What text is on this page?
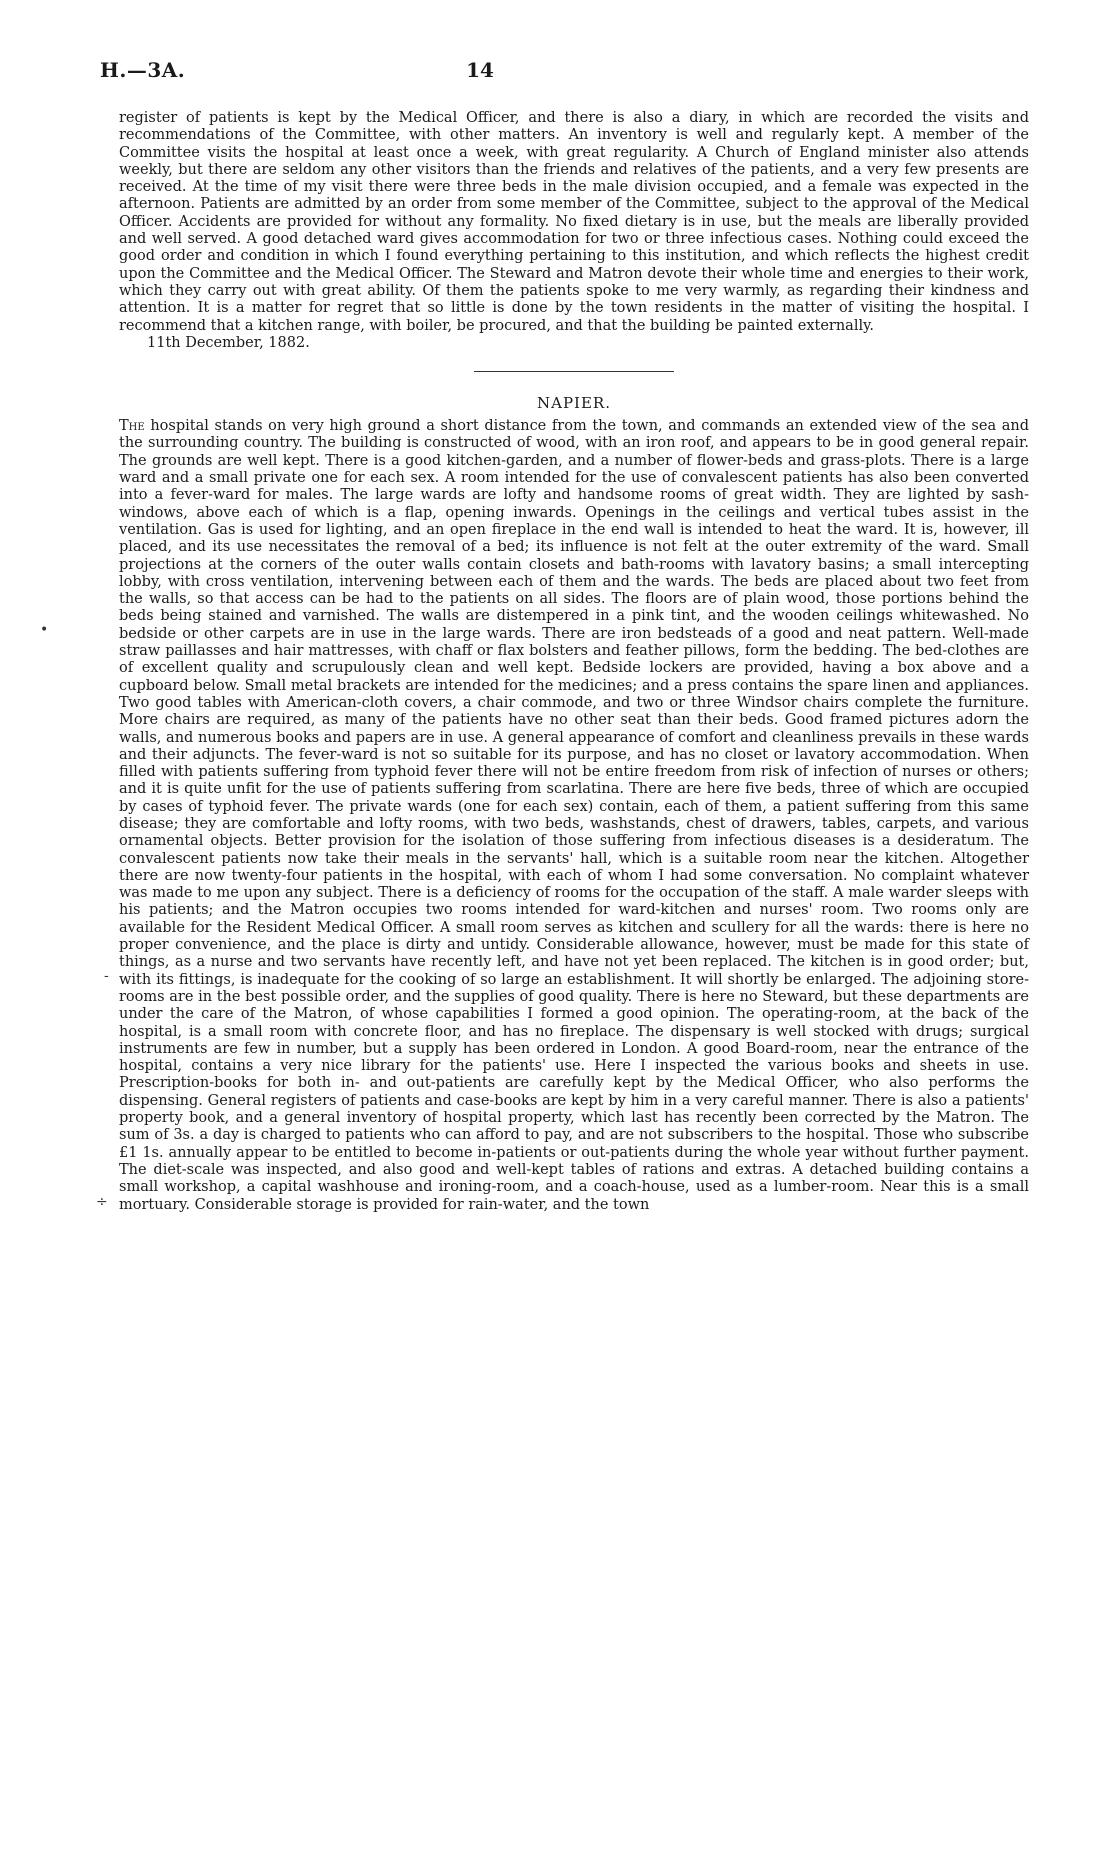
H.—3A.	14
•
-
÷

register of patients is kept by the Medical Officer, and there is also a diary, in which are recorded the visits and recommendations of the Committee, with other matters. An inventory is well and regularly kept. A member of the Committee visits the hospital at least once a week, with great regularity. A Church of England minister also attends weekly, but there are seldom any other visitors than the friends and relatives of the patients, and a very few presents are received. At the time of my visit there were three beds in the male division occupied, and a female was expected in the afternoon. Patients are admitted by an order from some member of the Committee, subject to the approval of the Medical Officer. Accidents are provided for without any formality. No fixed dietary is in use, but the meals are liberally provided and well served. A good detached ward gives accommodation for two or three infectious cases. Nothing could exceed the good order and condition in which I found everything pertaining to this institution, and which reflects the highest credit upon the Committee and the Medical Officer. The Steward and Matron devote their whole time and energies to their work, which they carry out with great ability. Of them the patients spoke to me very warmly, as regarding their kindness and attention. It is a matter for regret that so little is done by the town residents in the matter of visiting the hospital. I recommend that a kitchen range, with boiler, be procured, and that the building be painted externally.

11th December, 1882.

NAPIER.

The hospital stands on very high ground a short distance from the town, and commands an extended view of the sea and the surrounding country. The building is constructed of wood, with an iron roof, and appears to be in good general repair. The grounds are well kept. There is a good kitchen-garden, and a number of flower-beds and grass-plots. There is a large ward and a small private one for each sex. A room intended for the use of convalescent patients has also been converted into a fever-ward for males. The large wards are lofty and handsome rooms of great width. They are lighted by sash-windows, above each of which is a flap, opening inwards. Openings in the ceilings and vertical tubes assist in the ventilation. Gas is used for lighting, and an open fireplace in the end wall is intended to heat the ward. It is, however, ill placed, and its use necessitates the removal of a bed; its influence is not felt at the outer extremity of the ward. Small projections at the corners of the outer walls contain closets and bath-rooms with lavatory basins; a small intercepting lobby, with cross ventilation, intervening between each of them and the wards. The beds are placed about two feet from the walls, so that access can be had to the patients on all sides. The floors are of plain wood, those portions behind the beds being stained and varnished. The walls are distempered in a pink tint, and the wooden ceilings whitewashed. No bedside or other carpets are in use in the large wards. There are iron bedsteads of a good and neat pattern. Well-made straw paillasses and hair mattresses, with chaff or flax bolsters and feather pillows, form the bedding. The bed-clothes are of excellent quality and scrupulously clean and well kept. Bedside lockers are provided, having a box above and a cupboard below. Small metal brackets are intended for the medicines; and a press contains the spare linen and appliances. Two good tables with American-cloth covers, a chair commode, and two or three Windsor chairs complete the furniture. More chairs are required, as many of the patients have no other seat than their beds. Good framed pictures adorn the walls, and numerous books and papers are in use. A general appearance of comfort and cleanliness prevails in these wards and their adjuncts. The fever-ward is not so suitable for its purpose, and has no closet or lavatory accommodation. When filled with patients suffering from typhoid fever there will not be entire freedom from risk of infection of nurses or others; and it is quite unfit for the use of patients suffering from scarlatina. There are here five beds, three of which are occupied by cases of typhoid fever. The private wards (one for each sex) contain, each of them, a patient suffering from this same disease; they are comfortable and lofty rooms, with two beds, washstands, chest of drawers, tables, carpets, and various ornamental objects. Better provision for the isolation of those suffering from infectious diseases is a desideratum. The convalescent patients now take their meals in the servants' hall, which is a suitable room near the kitchen. Altogether there are now twenty-four patients in the hospital, with each of whom I had some conversation. No complaint whatever was made to me upon any subject. There is a deficiency of rooms for the occupation of the staff. A male warder sleeps with his patients; and the Matron occupies two rooms intended for ward-kitchen and nurses' room. Two rooms only are available for the Resident Medical Officer. A small room serves as kitchen and scullery for all the wards: there is here no proper convenience, and the place is dirty and untidy. Considerable allowance, however, must be made for this state of things, as a nurse and two servants have recently left, and have not yet been replaced. The kitchen is in good order; but, with its fittings, is inadequate for the cooking of so large an establishment. It will shortly be enlarged. The adjoining store-rooms are in the best possible order, and the supplies of good quality. There is here no Steward, but these departments are under the care of the Matron, of whose capabilities I formed a good opinion. The operating-room, at the back of the hospital, is a small room with concrete floor, and has no fireplace. The dispensary is well stocked with drugs; surgical instruments are few in number, but a supply has been ordered in London. A good Board-room, near the entrance of the hospital, contains a very nice library for the patients' use. Here I inspected the various books and sheets in use. Prescription-books for both in- and out-patients are carefully kept by the Medical Officer, who also performs the dispensing. General registers of patients and case-books are kept by him in a very careful manner. There is also a patients' property book, and a general inventory of hospital property, which last has recently been corrected by the Matron. The sum of 3s. a day is charged to patients who can afford to pay, and are not subscribers to the hospital. Those who subscribe £1 1s. annually appear to be entitled to become in-patients or out-patients during the whole year without further payment. The diet-scale was inspected, and also good and well-kept tables of rations and extras. A detached building contains a small workshop, a capital washhouse and ironing-room, and a coach-house, used as a lumber-room. Near this is a small mortuary. Considerable storage is provided for rain-water, and the town
